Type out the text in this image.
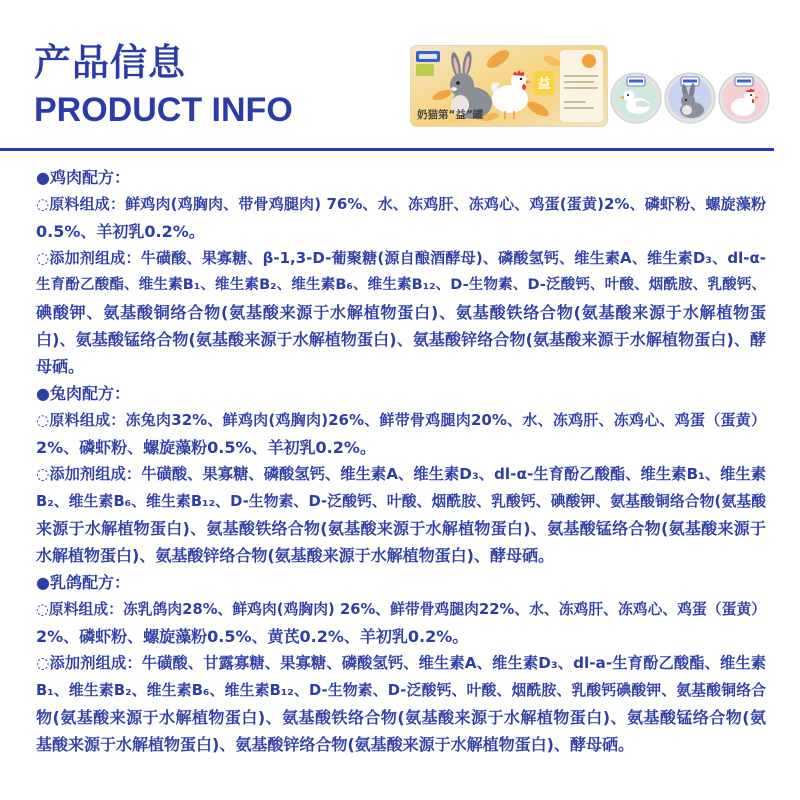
产品信息
PRODUCT INFO
益
奶猫第“益”罐
●鸡肉配方：
◌原料组成：鲜鸡肉(鸡胸肉、带骨鸡腿肉) 76%、水、冻鸡肝、冻鸡心、鸡蛋(蛋黄)2%、磷虾粉、螺旋藻粉
0.5%、羊初乳0.2%。
◌添加剂组成：牛磺酸、果寡糖、β-1,3-D-葡聚糖(源自酿酒酵母)、磷酸氢钙、维生素A、维生素D₃、dl-α-
生育酚乙酸酯、维生素B₁、维生素B₂、维生素B₆、维生素B₁₂、D-生物素、D-泛酸钙、叶酸、烟酰胺、乳酸钙、
碘酸钾、氨基酸铜络合物(氨基酸来源于水解植物蛋白)、氨基酸铁络合物(氨基酸来源于水解植物蛋
白)、氨基酸锰络合物(氨基酸来源于水解植物蛋白)、氨基酸锌络合物(氨基酸来源于水解植物蛋白)、酵
母硒。
●兔肉配方：
◌原料组成：冻兔肉32%、鲜鸡肉(鸡胸肉)26%、鲜带骨鸡腿肉20%、水、冻鸡肝、冻鸡心、鸡蛋（蛋黄）
2%、磷虾粉、螺旋藻粉0.5%、羊初乳0.2%。
◌添加剂组成：牛磺酸、果寡糖、磷酸氢钙、维生素A、维生素D₃、dl-α-生育酚乙酸酯、维生素B₁、维生素
B₂、维生素B₆、维生素B₁₂、D-生物素、D-泛酸钙、叶酸、烟酰胺、乳酸钙、碘酸钾、氨基酸铜络合物(氨基酸
来源于水解植物蛋白)、氨基酸铁络合物(氨基酸来源于水解植物蛋白)、氨基酸锰络合物(氨基酸来源于
水解植物蛋白)、氨基酸锌络合物(氨基酸来源于水解植物蛋白)、酵母硒。
●乳鸽配方：
◌原料组成：冻乳鸽肉28%、鲜鸡肉(鸡胸肉) 26%、鲜带骨鸡腿肉22%、水、冻鸡肝、冻鸡心、鸡蛋（蛋黄）
2%、磷虾粉、螺旋藻粉0.5%、黄芪0.2%、羊初乳0.2%。
◌添加剂组成：牛磺酸、甘露寡糖、果寡糖、磷酸氢钙、维生素A、维生素D₃、dl-a-生育酚乙酸酯、维生素
B₁、维生素B₂、维生素B₆、维生素B₁₂、D-生物素、D-泛酸钙、叶酸、烟酰胺、乳酸钙碘酸钾、氨基酸铜络合
物(氨基酸来源于水解植物蛋白)、氨基酸铁络合物(氨基酸来源于水解植物蛋白)、氨基酸锰络合物(氨
基酸来源于水解植物蛋白)、氨基酸锌络合物(氨基酸来源于水解植物蛋白)、酵母硒。
